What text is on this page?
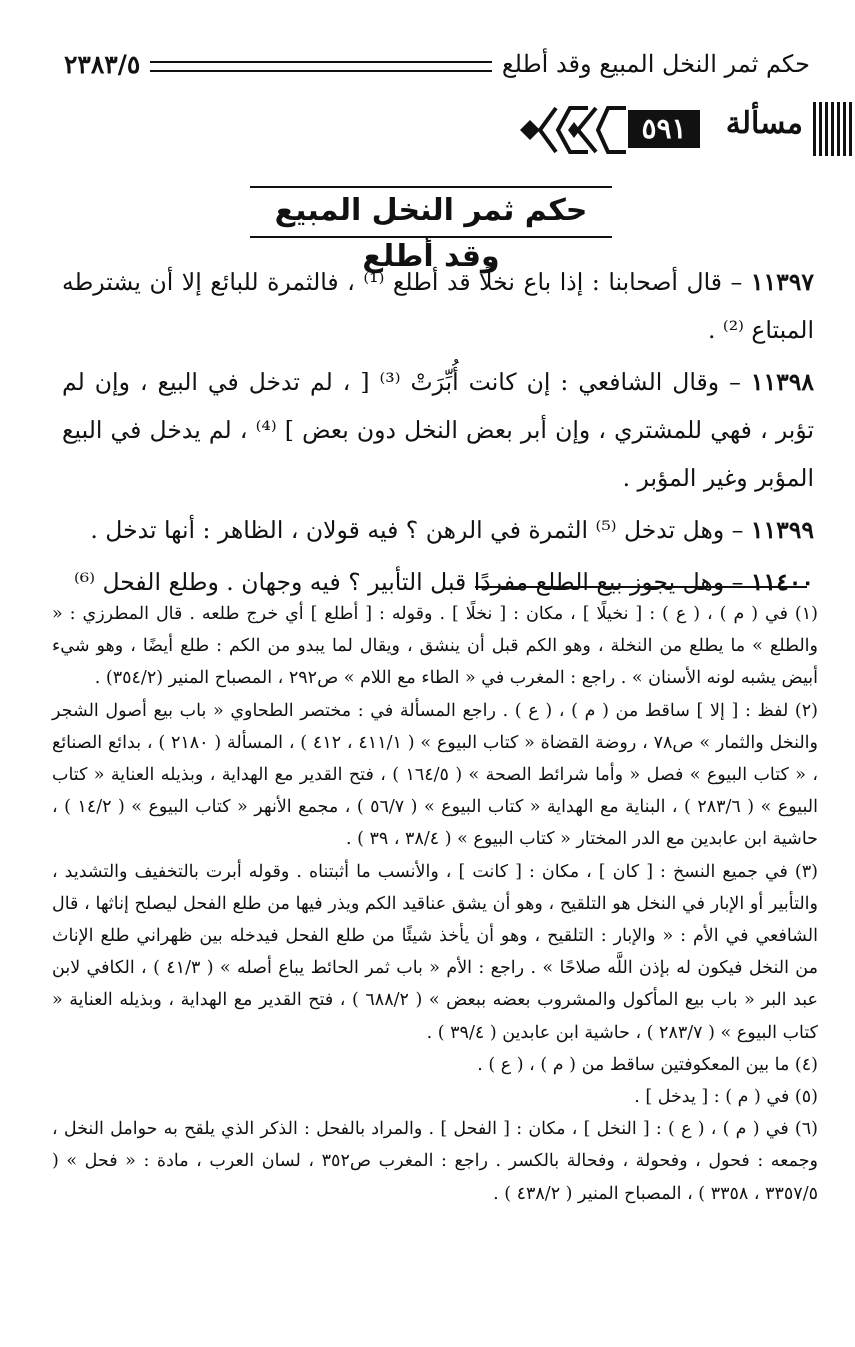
حكم ثمر النخل المبيع وقد أطلع
٢٣٨٣/٥
مسألة
٥٩١
حكم ثمر النخل المبيع وقد أطلع

١١٣٩٧ – قال أصحابنا : إذا باع نخلًا قد أطلع ⁽¹⁾ ، فالثمرة للبائع إلا أن يشترطه المبتاع ⁽²⁾ .

١١٣٩٨ – وقال الشافعي : إن كانت أُبِّرَتْ ⁽³⁾ [ ، لم تدخل في البيع ، وإن لم تؤبر ، فهي للمشتري ، وإن أبر بعض النخل دون بعض ] ⁽⁴⁾ ، لم يدخل في البيع المؤبر وغير المؤبر .

١١٣٩٩ – وهل تدخل ⁽⁵⁾ الثمرة في الرهن ؟ فيه قولان ، الظاهر : أنها تدخل .

١١٤٠٠ – وهل يجوز بيع الطلع مفردًا قبل التأبير ؟ فيه وجهان . وطلع الفحل ⁽⁶⁾

(١) في ( م ) ، ( ع ) : [ نخيلًا ] ، مكان : [ نخلًا ] . وقوله : [ أطلع ] أي خرج طلعه . قال المطرزي : « والطلع » ما يطلع من النخلة ، وهو الكم قبل أن ينشق ، ويقال لما يبدو من الكم : طلع أيضًا ، وهو شيء أبيض يشبه لونه الأسنان » . راجع : المغرب في « الطاء مع اللام » ص٢٩٢ ، المصباح المنير (٣٥٤/٢) .

(٢) لفظ : [ إلا ] ساقط من ( م ) ، ( ع ) . راجع المسألة في : مختصر الطحاوي « باب بيع أصول الشجر والنخل والثمار » ص٧٨ ، روضة القضاة « كتاب البيوع » ( ٤١١/١ ، ٤١٢ ) ، المسألة ( ٢١٨٠ ) ، بدائع الصنائع ، « كتاب البيوع » فصل « وأما شرائط الصحة » ( ١٦٤/٥ ) ، فتح القدير مع الهداية ، وبذيله العناية « كتاب البيوع » ( ٢٨٣/٦ ) ، البناية مع الهداية « كتاب البيوع » ( ٥٦/٧ ) ، مجمع الأنهر « كتاب البيوع » ( ١٤/٢ ) ، حاشية ابن عابدين مع الدر المختار « كتاب البيوع » ( ٣٨/٤ ، ٣٩ ) .

(٣) في جميع النسخ : [ كان ] ، مكان : [ كانت ] ، والأنسب ما أثبتناه . وقوله أبرت بالتخفيف والتشديد ، والتأبير أو الإبار في النخل هو التلقيح ، وهو أن يشق عناقيد الكم ويذر فيها من طلع الفحل ليصلح إناثها ، قال الشافعي في الأم : « والإبار : التلقيح ، وهو أن يأخذ شيئًا من طلع الفحل فيدخله بين ظهراني طلع الإناث من النخل فيكون له بإذن اللَّه صلاحًا » . راجع : الأم « باب ثمر الحائط يباع أصله » ( ٤١/٣ ) ، الكافي لابن عبد البر « باب بيع المأكول والمشروب بعضه ببعض » ( ٦٨٨/٢ ) ، فتح القدير مع الهداية ، وبذيله العناية « كتاب البيوع » ( ٢٨٣/٧ ) ، حاشية ابن عابدين ( ٣٩/٤ ) .

(٤) ما بين المعكوفتين ساقط من ( م ) ، ( ع ) .

(٥) في ( م ) : [ يدخل ] .

(٦) في ( م ) ، ( ع ) : [ النخل ] ، مكان : [ الفحل ] . والمراد بالفحل : الذكر الذي يلقح به حوامل النخل ، وجمعه : فحول ، وفحولة ، وفحالة بالكسر . راجع : المغرب ص٣٥٢ ، لسان العرب ، مادة : « فحل » ( ٣٣٥٧/٥ ، ٣٣٥٨ ) ، المصباح المنير ( ٤٣٨/٢ ) .
